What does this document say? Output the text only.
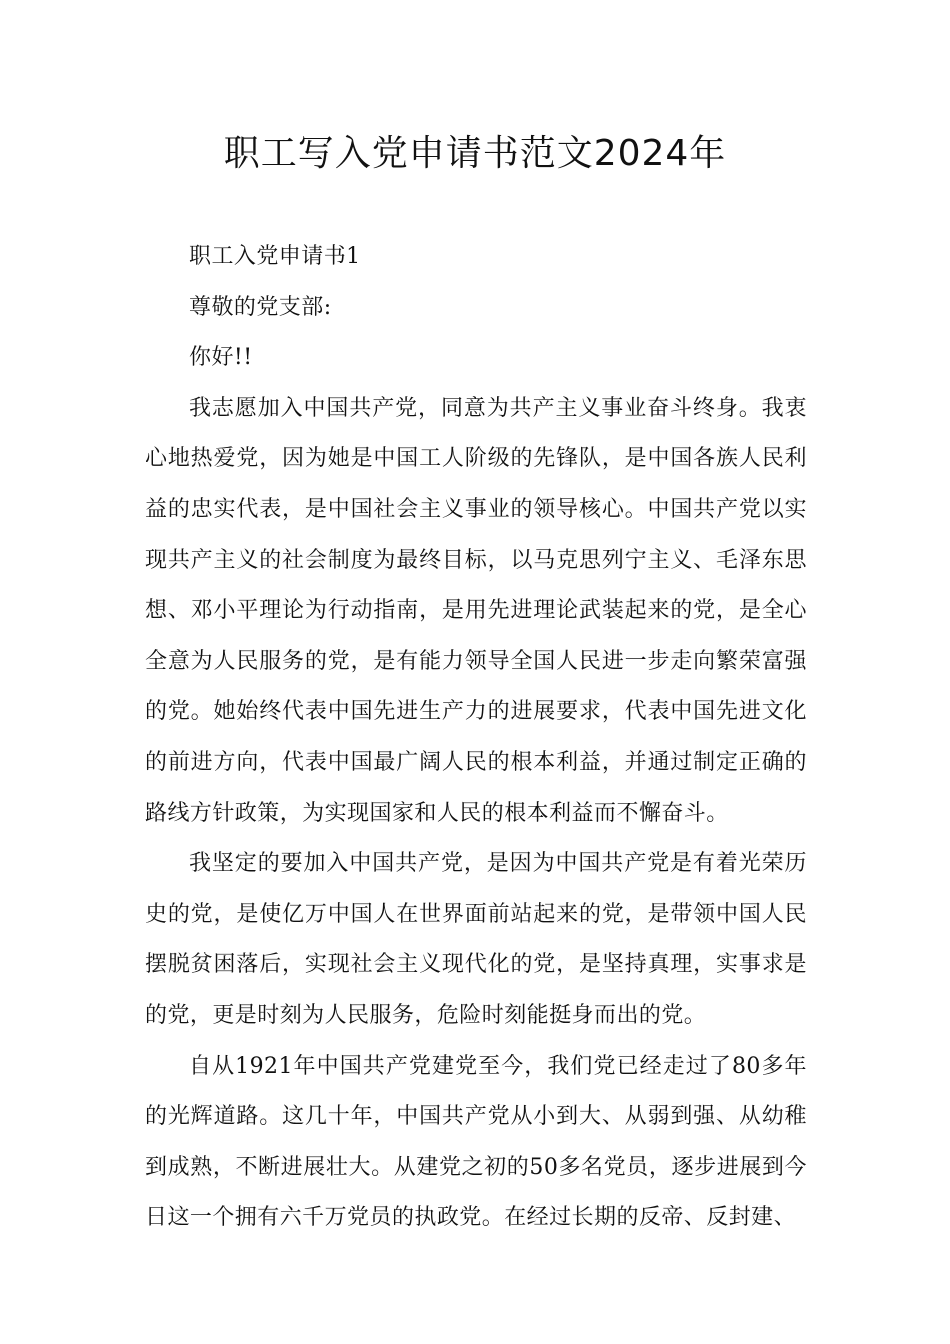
职工写入党申请书范文2024年

职工入党申请书1

尊敬的党支部:

你好!!

我志愿加入中国共产党，同意为共产主义事业奋斗终身。我衷心地热爱党，因为她是中国工人阶级的先锋队，是中国各族人民利益的忠实代表，是中国社会主义事业的领导核心。中国共产党以实现共产主义的社会制度为最终目标，以马克思列宁主义、毛泽东思想、邓小平理论为行动指南，是用先进理论武装起来的党，是全心全意为人民服务的党，是有能力领导全国人民进一步走向繁荣富强的党。她始终代表中国先进生产力的进展要求，代表中国先进文化的前进方向，代表中国最广阔人民的根本利益，并通过制定正确的路线方针政策，为实现国家和人民的根本利益而不懈奋斗。

我坚定的要加入中国共产党，是因为中国共产党是有着光荣历史的党，是使亿万中国人在世界面前站起来的党，是带领中国人民摆脱贫困落后，实现社会主义现代化的党，是坚持真理，实事求是的党，更是时刻为人民服务，危险时刻能挺身而出的党。

自从1921年中国共产党建党至今，我们党已经走过了80多年的光辉道路。这几十年，中国共产党从小到大、从弱到强、从幼稚到成熟，不断进展壮大。从建党之初的50多名党员，逐步进展到今日这一个拥有六千万党员的执政党。在经过长期的反帝、反封建、
